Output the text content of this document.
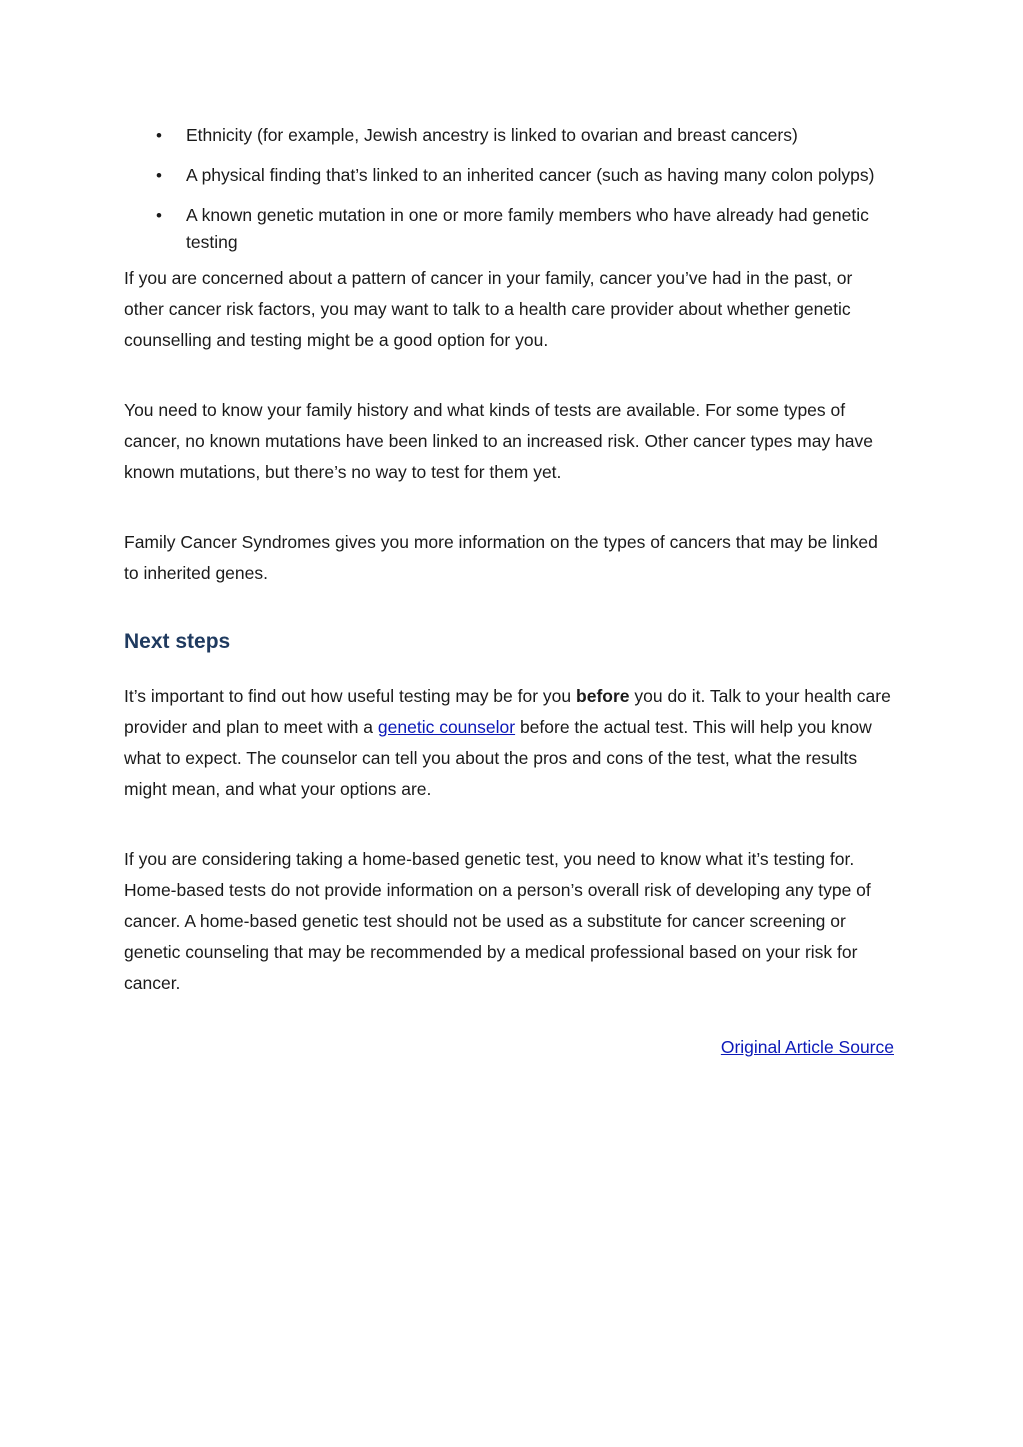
• Ethnicity (for example, Jewish ancestry is linked to ovarian and breast cancers)
• A physical finding that’s linked to an inherited cancer (such as having many colon polyps)
• A known genetic mutation in one or more family members who have already had genetic testing

If you are concerned about a pattern of cancer in your family, cancer you’ve had in the past, or other cancer risk factors, you may want to talk to a health care provider about whether genetic counselling and testing might be a good option for you.

You need to know your family history and what kinds of tests are available. For some types of cancer, no known mutations have been linked to an increased risk. Other cancer types may have known mutations, but there’s no way to test for them yet.

Family Cancer Syndromes gives you more information on the types of cancers that may be linked to inherited genes.

Next steps

It’s important to find out how useful testing may be for you before you do it. Talk to your health care provider and plan to meet with a genetic counselor before the actual test. This will help you know what to expect. The counselor can tell you about the pros and cons of the test, what the results might mean, and what your options are.

If you are considering taking a home-based genetic test, you need to know what it’s testing for. Home-based tests do not provide information on a person’s overall risk of developing any type of cancer. A home-based genetic test should not be used as a substitute for cancer screening or genetic counseling that may be recommended by a medical professional based on your risk for cancer.

Original Article Source
